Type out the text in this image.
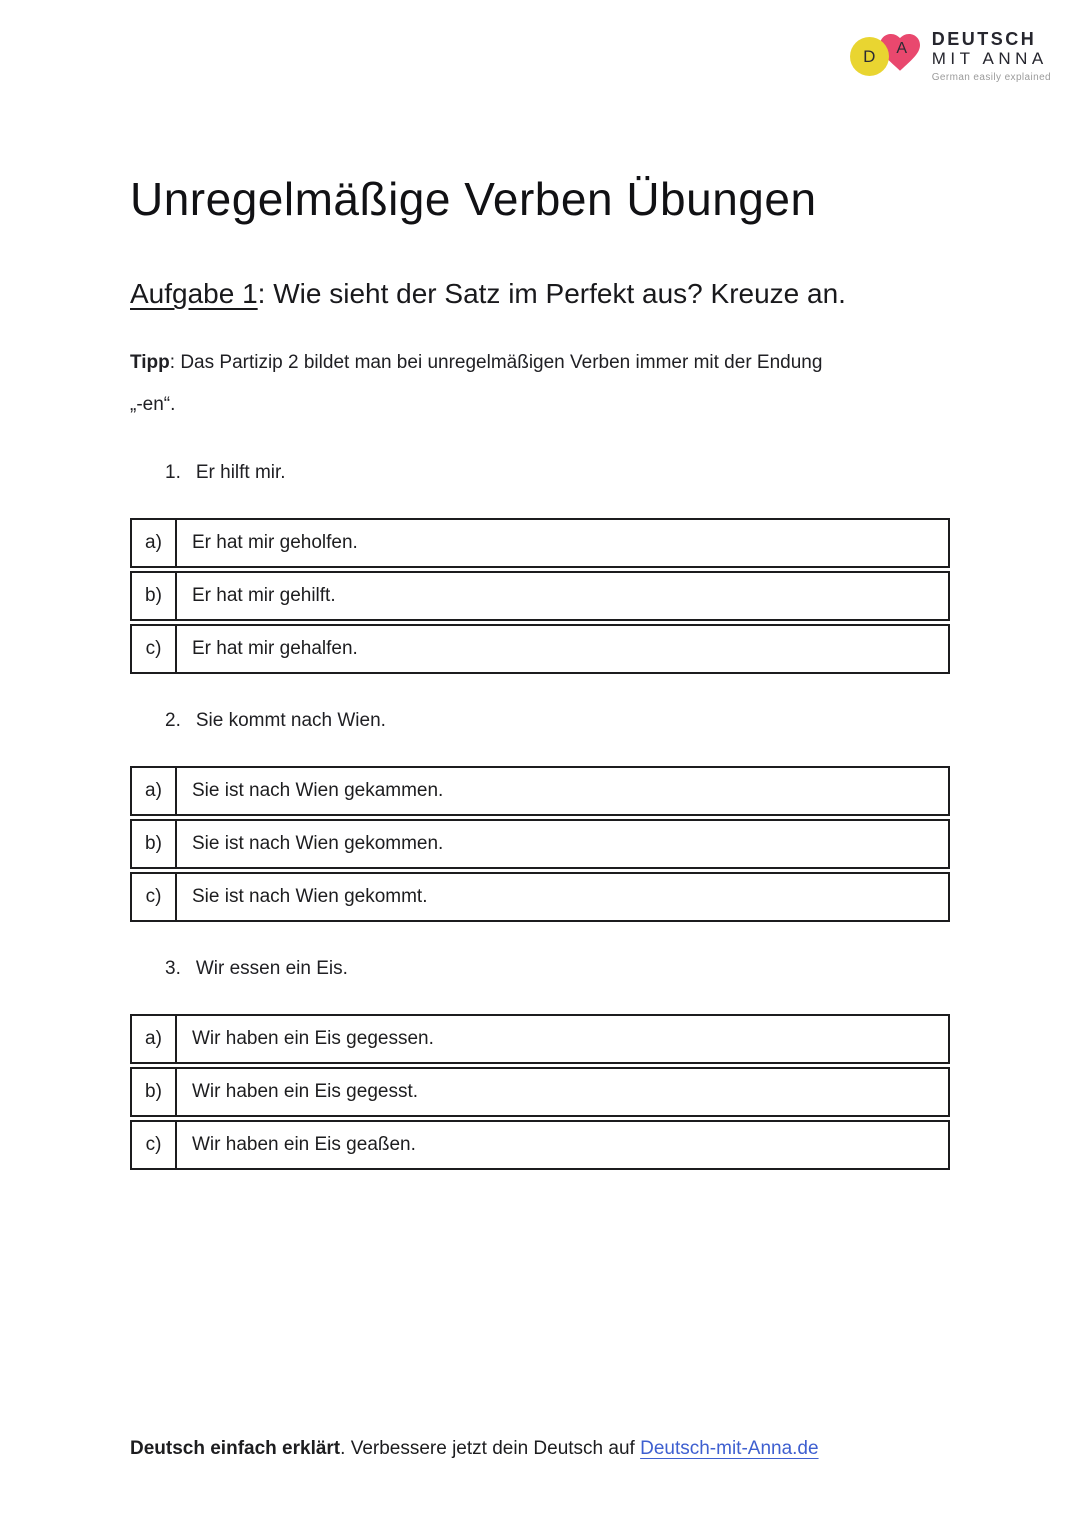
D A DEUTSCH
MIT ANNA
German easily explained
Unregelmäßige Verben Übungen
Aufgabe 1: Wie sieht der Satz im Perfekt aus? Kreuze an.

Tipp: Das Partizip 2 bildet man bei unregelmäßigen Verben immer mit der Endung
„-en“.

1. Er hilft mir.
a)	Er hat mir geholfen.
b)	Er hat mir gehilft.
c)	Er hat mir gehalfen.
2. Sie kommt nach Wien.
a)	Sie ist nach Wien gekammen.
b)	Sie ist nach Wien gekommen.
c)	Sie ist nach Wien gekommt.
3. Wir essen ein Eis.
a)	Wir haben ein Eis gegessen.
b)	Wir haben ein Eis gegesst.
c)	Wir haben ein Eis geaßen.
Deutsch einfach erklärt. Verbessere jetzt dein Deutsch auf Deutsch-mit-Anna.de
